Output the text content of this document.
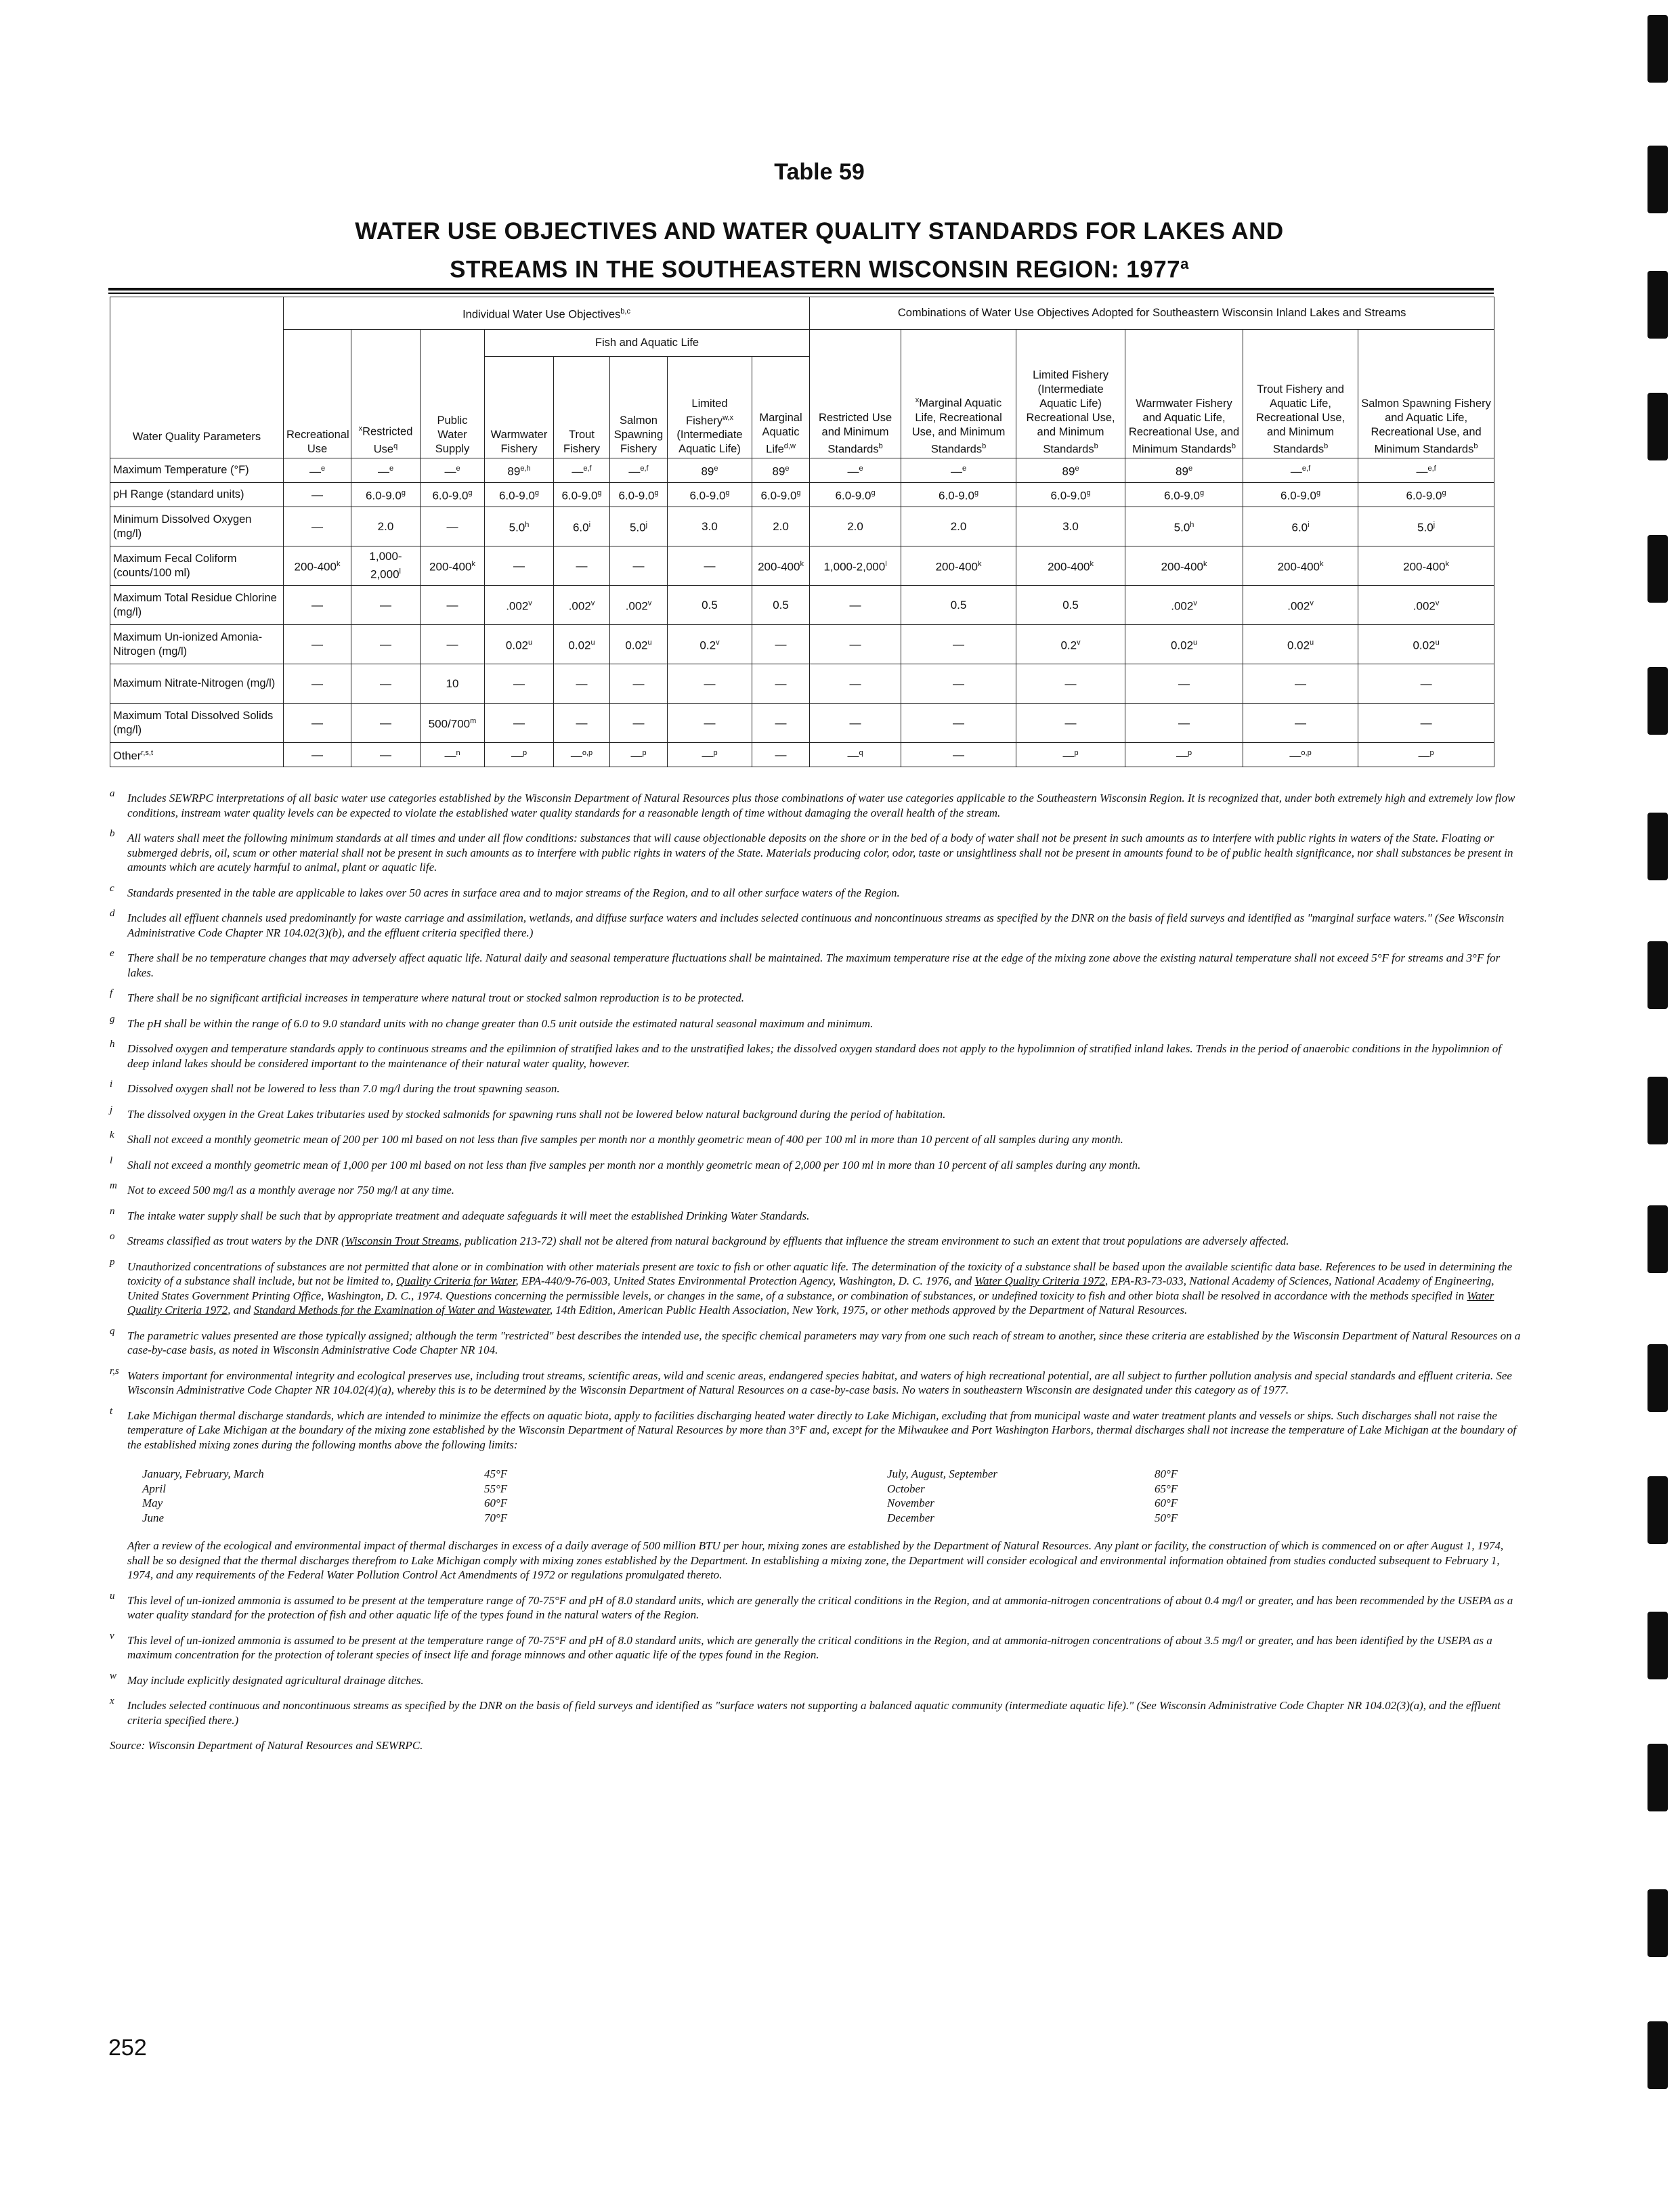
Table 59
WATER USE OBJECTIVES AND WATER QUALITY STANDARDS FOR LAKES AND
STREAMS IN THE SOUTHEASTERN WISCONSIN REGION: 1977$^a$
Water Quality Parameters	Individual Water Use Objectives$^{b,c}$								Combinations of Water Use Objectives Adopted for Southeastern Wisconsin Inland Lakes and Streams					
	Recreational Use	$^x$Restricted Use$^q$	Public Water Supply	Fish and Aquatic Life					Restricted Use and Minimum Standards$^b$	$^x$Marginal Aquatic Life, Recreational Use, and Minimum Standards$^b$	Limited Fishery (Intermediate Aquatic Life) Recreational Use, and Minimum Standards$^b$	Warmwater Fishery and Aquatic Life, Recreational Use, and Minimum Standards$^b$	Trout Fishery and Aquatic Life, Recreational Use, and Minimum Standards$^b$	Salmon Spawning Fishery and Aquatic Life, Recreational Use, and Minimum Standards$^b$
				Warmwater Fishery	Trout Fishery	Salmon Spawning Fishery	Limited Fishery$^{w,x}$ (Intermediate Aquatic Life)	Marginal Aquatic Life$^{d,w}$
Maximum Temperature (°F)	—$^e$	—$^e$	—$^e$	89$^{e,h}$	—$^{e,f}$	—$^{e,f}$	89e	89e	—$^e$	—$^e$	89e	89e	—$^{e,f}$	—$^{e,f}$
pH Range (standard units)	—	6.0-9.0$^g$	6.0-9.0$^g$	6.0-9.0$^g$	6.0-9.0$^g$	6.0-9.0$^g$	6.0-9.0$^g$	6.0-9.0$^g$	6.0-9.0$^g$	6.0-9.0$^g$	6.0-9.0$^g$	6.0-9.0$^g$	6.0-9.0$^g$	6.0-9.0$^g$
Minimum Dissolved Oxygen (mg/l)	—	2.0	—	5.0$^h$	6.0$^i$	5.0$^j$	3.0	2.0	2.0	2.0	3.0	5.0$^h$	6.0$^i$	5.0$^j$
Maximum Fecal Coliform (counts/100 ml)	200-400$^k$	1,000-2,000$^l$	200-400$^k$	—	—	—	—	200-400$^k$	1,000-2,000$^l$	200-400$^k$	200-400$^k$	200-400$^k$	200-400$^k$	200-400$^k$
Maximum Total Residue Chlorine (mg/l)	—	—	—	.002$^v$	.002$^v$	.002$^v$	0.5	0.5	—	0.5	0.5	.002$^v$	.002$^v$	.002$^v$
Maximum Un-ionized Amonia-Nitrogen (mg/l)	—	—	—	0.02$^u$	0.02$^u$	0.02$^u$	0.2$^v$	—	—	—	0.2$^v$	0.02$^u$	0.02$^u$	0.02$^u$
Maximum Nitrate-Nitrogen (mg/l)	—	—	10	—	—	—	—	—	—	—	—	—	—	—
Maximum Total Dissolved Solids (mg/l)	—	—	500/700$^m$	—	—	—	—	—	—	—	—	—	—	—
Other$^{r,s,t}$	—	—	—$^n$	—$^p$	—$^{o,p}$	—$^p$	—$^p$	—	—$^q$	—	—$^p$	—$^p$	—$^{o,p}$	—$^p$
a Includes SEWRPC interpretations of all basic water use categories established by the Wisconsin Department of Natural Resources plus those combinations of water use categories applicable to the Southeastern Wisconsin Region. It is recognized that, under both extremely high and extremely low flow conditions, instream water quality levels can be expected to violate the established water quality standards for a reasonable length of time without damaging the overall health of the stream.
b All waters shall meet the following minimum standards at all times and under all flow conditions: substances that will cause objectionable deposits on the shore or in the bed of a body of water shall not be present in such amounts as to interfere with public rights in waters of the State. Floating or submerged debris, oil, scum or other material shall not be present in such amounts as to interfere with public rights in waters of the State. Materials producing color, odor, taste or unsightliness shall not be present in amounts found to be of public health significance, nor shall substances be present in amounts which are acutely harmful to animal, plant or aquatic life.
c Standards presented in the table are applicable to lakes over 50 acres in surface area and to major streams of the Region, and to all other surface waters of the Region.
d Includes all effluent channels used predominantly for waste carriage and assimilation, wetlands, and diffuse surface waters and includes selected continuous and noncontinuous streams as specified by the DNR on the basis of field surveys and identified as "marginal surface waters." (See Wisconsin Administrative Code Chapter NR 104.02(3)(b), and the effluent criteria specified there.)
e There shall be no temperature changes that may adversely affect aquatic life. Natural daily and seasonal temperature fluctuations shall be maintained. The maximum temperature rise at the edge of the mixing zone above the existing natural temperature shall not exceed 5°F for streams and 3°F for lakes.
f There shall be no significant artificial increases in temperature where natural trout or stocked salmon reproduction is to be protected.
g The pH shall be within the range of 6.0 to 9.0 standard units with no change greater than 0.5 unit outside the estimated natural seasonal maximum and minimum.
h Dissolved oxygen and temperature standards apply to continuous streams and the epilimnion of stratified lakes and to the unstratified lakes; the dissolved oxygen standard does not apply to the hypolimnion of stratified inland lakes. Trends in the period of anaerobic conditions in the hypolimnion of deep inland lakes should be considered important to the maintenance of their natural water quality, however.
i Dissolved oxygen shall not be lowered to less than 7.0 mg/l during the trout spawning season.
j The dissolved oxygen in the Great Lakes tributaries used by stocked salmonids for spawning runs shall not be lowered below natural background during the period of habitation.
k Shall not exceed a monthly geometric mean of 200 per 100 ml based on not less than five samples per month nor a monthly geometric mean of 400 per 100 ml in more than 10 percent of all samples during any month.
l Shall not exceed a monthly geometric mean of 1,000 per 100 ml based on not less than five samples per month nor a monthly geometric mean of 2,000 per 100 ml in more than 10 percent of all samples during any month.
m Not to exceed 500 mg/l as a monthly average nor 750 mg/l at any time.
n The intake water supply shall be such that by appropriate treatment and adequate safeguards it will meet the established Drinking Water Standards.
o Streams classified as trout waters by the DNR (Wisconsin Trout Streams, publication 213-72) shall not be altered from natural background by effluents that influence the stream environment to such an extent that trout populations are adversely affected.
p Unauthorized concentrations of substances are not permitted that alone or in combination with other materials present are toxic to fish or other aquatic life. The determination of the toxicity of a substance shall be based upon the available scientific data base. References to be used in determining the toxicity of a substance shall include, but not be limited to, Quality Criteria for Water, EPA-440/9-76-003, United States Environmental Protection Agency, Washington, D. C. 1976, and Water Quality Criteria 1972, EPA-R3-73-033, National Academy of Sciences, National Academy of Engineering, United States Government Printing Office, Washington, D. C., 1974. Questions concerning the permissible levels, or changes in the same, of a substance, or combination of substances, or undefined toxicity to fish and other biota shall be resolved in accordance with the methods specified in Water Quality Criteria 1972, and Standard Methods for the Examination of Water and Wastewater, 14th Edition, American Public Health Association, New York, 1975, or other methods approved by the Department of Natural Resources.
q The parametric values presented are those typically assigned; although the term "restricted" best describes the intended use, the specific chemical parameters may vary from one such reach of stream to another, since these criteria are established by the Wisconsin Department of Natural Resources on a case-by-case basis, as noted in Wisconsin Administrative Code Chapter NR 104.
r,s Waters important for environmental integrity and ecological preserves use, including trout streams, scientific areas, wild and scenic areas, endangered species habitat, and waters of high recreational potential, are all subject to further pollution analysis and special standards and effluent criteria. See Wisconsin Administrative Code Chapter NR 104.02(4)(a), whereby this is to be determined by the Wisconsin Department of Natural Resources on a case-by-case basis. No waters in southeastern Wisconsin are designated under this category as of 1977.
t Lake Michigan thermal discharge standards, which are intended to minimize the effects on aquatic biota, apply to facilities discharging heated water directly to Lake Michigan, excluding that from municipal waste and water treatment plants and vessels or ships. Such discharges shall not raise the temperature of Lake Michigan at the boundary of the mixing zone established by the Wisconsin Department of Natural Resources by more than 3°F and, except for the Milwaukee and Port Washington Harbors, thermal discharges shall not increase the temperature of Lake Michigan at the boundary of the established mixing zones during the following months above the following limits:
January, February, March	45°F	July, August, September	80°F
April	55°F	October	65°F
May	60°F	November	60°F
June	70°F	December	50°F
After a review of the ecological and environmental impact of thermal discharges in excess of a daily average of 500 million BTU per hour, mixing zones are established by the Department of Natural Resources. Any plant or facility, the construction of which is commenced on or after August 1, 1974, shall be so designed that the thermal discharges therefrom to Lake Michigan comply with mixing zones established by the Department. In establishing a mixing zone, the Department will consider ecological and environmental information obtained from studies conducted subsequent to February 1, 1974, and any requirements of the Federal Water Pollution Control Act Amendments of 1972 or regulations promulgated thereto.
u This level of un-ionized ammonia is assumed to be present at the temperature range of 70-75°F and pH of 8.0 standard units, which are generally the critical conditions in the Region, and at ammonia-nitrogen concentrations of about 0.4 mg/l or greater, and has been recommended by the USEPA as a water quality standard for the protection of fish and other aquatic life of the types found in the natural waters of the Region.
v This level of un-ionized ammonia is assumed to be present at the temperature range of 70-75°F and pH of 8.0 standard units, which are generally the critical conditions in the Region, and at ammonia-nitrogen concentrations of about 3.5 mg/l or greater, and has been identified by the USEPA as a maximum concentration for the protection of tolerant species of insect life and forage minnows and other aquatic life of the types found in the Region.
w May include explicitly designated agricultural drainage ditches.
x Includes selected continuous and noncontinuous streams as specified by the DNR on the basis of field surveys and identified as "surface waters not supporting a balanced aquatic community (intermediate aquatic life)." (See Wisconsin Administrative Code Chapter NR 104.02(3)(a), and the effluent criteria specified there.)
Source: Wisconsin Department of Natural Resources and SEWRPC.
252
